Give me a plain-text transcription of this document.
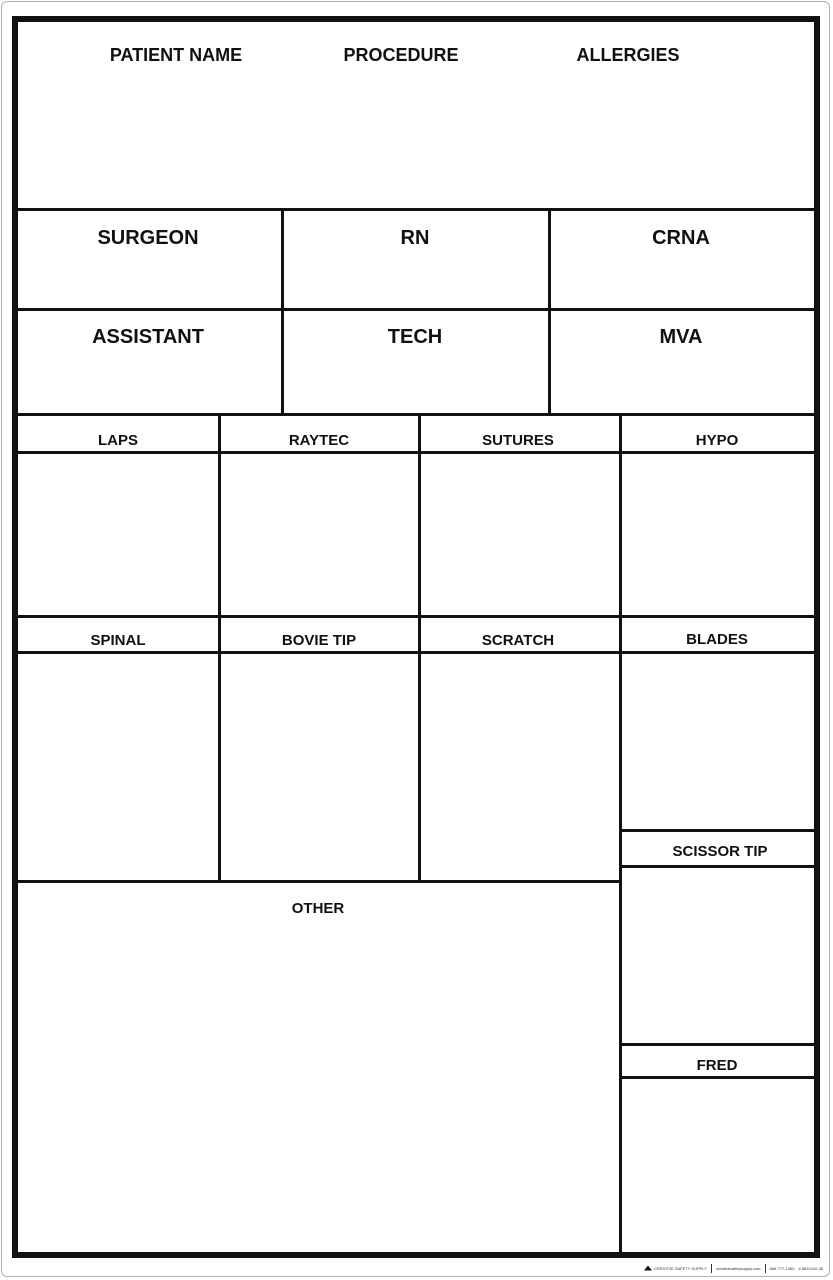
PATIENT NAME	PROCEDURE	ALLERGIES
SURGEON	RN	CRNA
ASSISTANT	TECH	MVA
LAPS	RAYTEC	SUTURES	HYPO
SPINAL	BOVIE TIP	SCRATCH	BLADES
SCISSOR TIP
OTHER
FRED
CREATIVE SAFETY SUPPLY creativesafetysupply.com 866-777-1360 # 8810100-36
